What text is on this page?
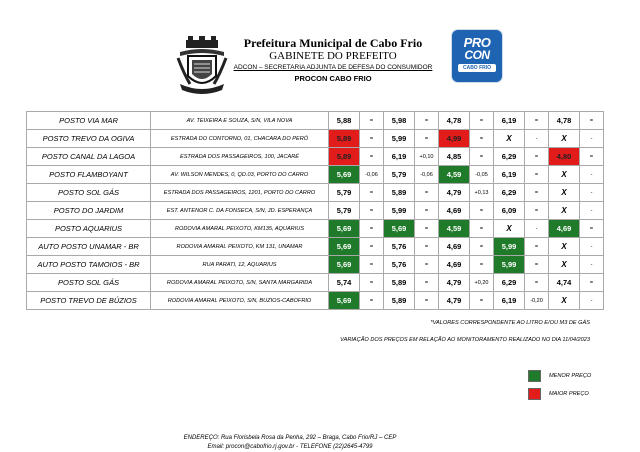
Prefeitura Municipal de Cabo Frio
GABINETE DO PREFEITO
ADCON – SECRETARIA ADJUNTA DE DEFESA DO CONSUMIDOR
PROCON CABO FRIO
PRO
CON
CABO FRIO
POSTO VIA MAR	AV. TEIXEIRA E SOUZA, S/N, VILA NOVA	5,88	=	5,98	=	4,78	=	6,19	=	4,78	=
POSTO TREVO DA OGIVA	ESTRADA DO CONTORNO, 01, CHACARA DO PERÓ	5,89	=	5,99	=	4,99	=	X	-	X	-
POSTO CANAL DA LAGOA	ESTRADA DOS PASSAGEIROS, 100, JACARÉ	5,89	=	6,19	+0,10	4,85	=	6,29	=	4,80	=
POSTO FLAMBOYANT	AV. WILSON MENDES, 0, QD.03, PORTO DO CARRO	5,69	-0,06	5,79	-0,06	4,59	-0,05	6,19	=	X	-
POSTO SOL GÁS	ESTRADA DOS PASSAGEIROS, 1201, PORTO DO CARRO	5,79	=	5,89	=	4,79	+0,13	6,29	=	X	-
POSTO DO JARDIM	EST. ANTENOR C. DA FONSECA, S/N, JD. ESPERANÇA	5,79	=	5,99	=	4,69	=	6,09	=	X	-
POSTO AQUARIUS	RODOVIA AMARAL PEIXOTO, KM135, AQUARIUS	5,69	=	5,69	=	4,59	=	X	-	4,69	=
AUTO POSTO UNAMAR - BR	RODOVIA AMARAL PEIXOTO, KM 131, UNAMAR	5,69	=	5,76	=	4,69	=	5,99	=	X	-
AUTO POSTO TAMOIOS - BR	RUA PARATI, 12, AQUARIUS	5,69	=	5,76	=	4,69	=	5,99	=	X	-
POSTO SOL GÁS	RODOVIA AMARAL PEIXOTO, S/N, SANTA MARGARIDA	5,74	=	5,89	=	4,79	+0,20	6,29	=	4,74	=
POSTO TREVO DE BÚZIOS	RODOVIA AMARAL PEIXOTO, S/N, BUZIOS-CABOFRIO	5,69	=	5,89	=	4,79	=	6,19	-0,20	X	-
*VALORES CORRESPONDENTE AO LITRO E/OU M3 DE GÁS
VARIAÇÃO DOS PREÇOS EM RELAÇÃO AO MONITORAMENTO REALIZADO NO DIA 11/04/2023
MENOR PREÇO
MAIOR PREÇO
ENDEREÇO: Rua Florisbela Rosa da Penha, 292 – Braga, Cabo Frio/RJ – CEP
Email: procon@cabofrio.rj.gov.br - TELEFONE (22)2645-4799
